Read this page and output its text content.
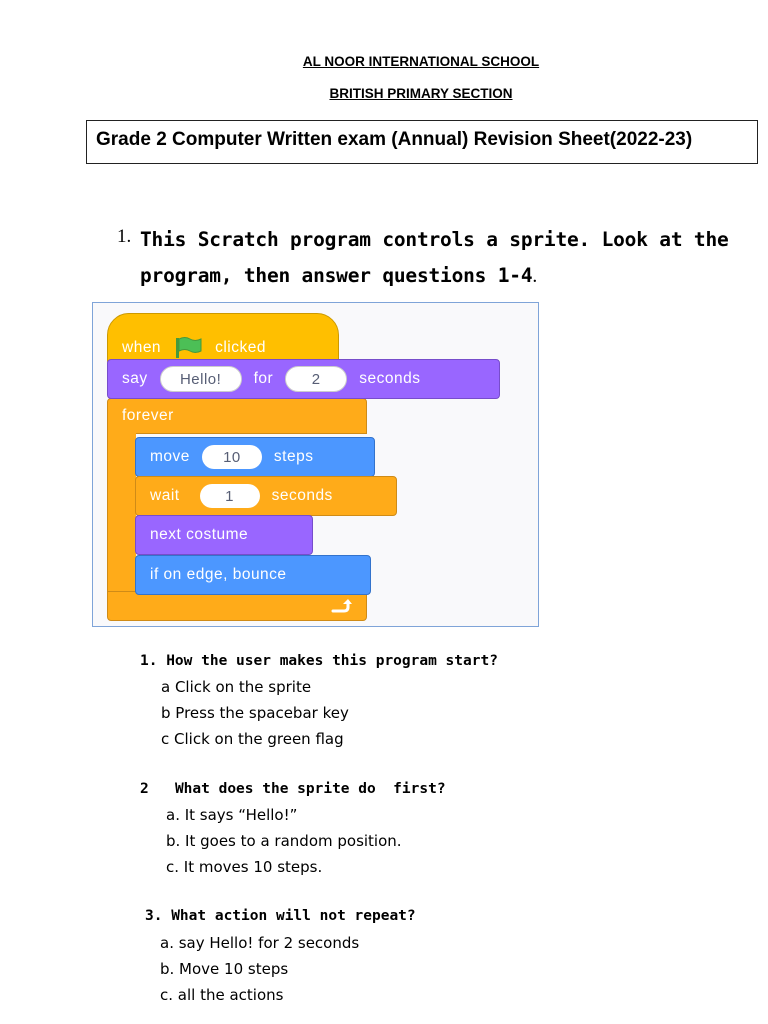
AL NOOR INTERNATIONAL SCHOOL
BRITISH PRIMARY SECTION
Grade 2 Computer Written exam (Annual) Revision Sheet(2022-23)
1. This Scratch program controls a sprite. Look at the program, then answer questions 1-4.
forever
when	clicked
say	Hello!	for	2	seconds
move	10	steps
wait	1	seconds
next costume
if on edge, bounce
1. How the user makes this program start?
a Click on the sprite
b Press the spacebar key
c Click on the green flag
2 What does the sprite do  first?
a. It says “Hello!”
b. It goes to a random position.
c. It moves 10 steps.
3. What action will not repeat?
a. say Hello! for 2 seconds
b. Move 10 steps
c. all the actions
